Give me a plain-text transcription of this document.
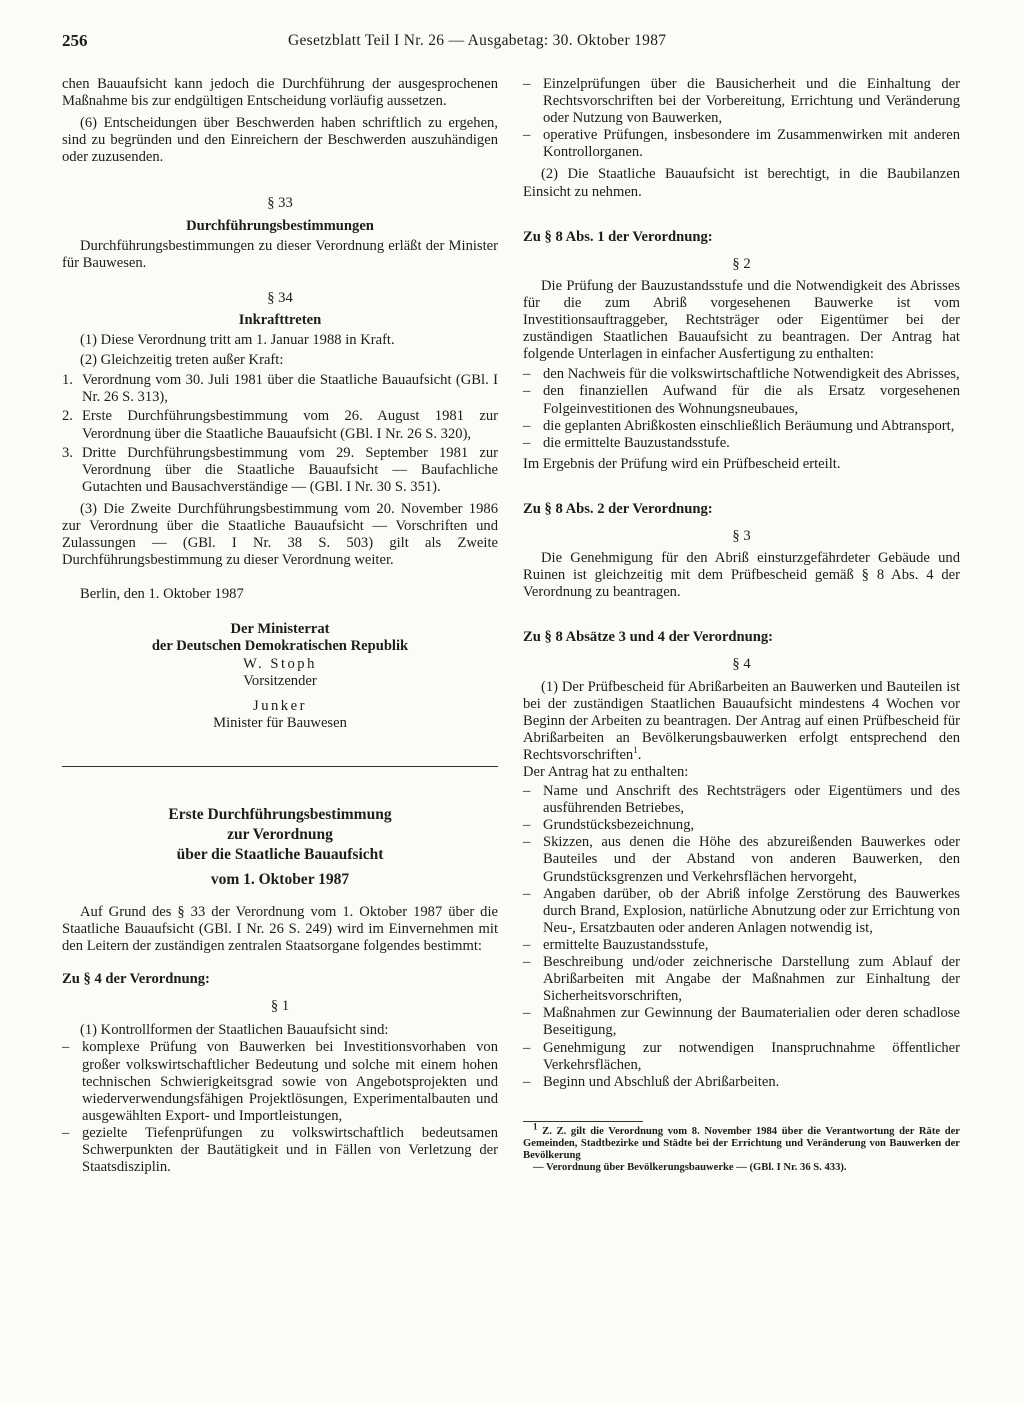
256	Gesetzblatt Teil I Nr. 26 — Ausgabetag: 30. Oktober 1987

chen Bauaufsicht kann jedoch die Durchführung der ausgesprochenen Maßnahme bis zur endgültigen Entscheidung vorläufig aussetzen.

(6) Entscheidungen über Beschwerden haben schriftlich zu ergehen, sind zu begründen und den Einreichern der Beschwerden auszuhändigen oder zuzusenden.

§ 33

Durchführungsbestimmungen

Durchführungsbestimmungen zu dieser Verordnung erläßt der Minister für Bauwesen.

§ 34

Inkrafttreten

(1) Diese Verordnung tritt am 1. Januar 1988 in Kraft.

(2) Gleichzeitig treten außer Kraft:

1. Verordnung vom 30. Juli 1981 über die Staatliche Bauaufsicht (GBl. I Nr. 26 S. 313),
2. Erste Durchführungsbestimmung vom 26. August 1981 zur Verordnung über die Staatliche Bauaufsicht (GBl. I Nr. 26 S. 320),
3. Dritte Durchführungsbestimmung vom 29. September 1981 zur Verordnung über die Staatliche Bauaufsicht — Baufachliche Gutachten und Bausachverständige — (GBl. I Nr. 30 S. 351).

(3) Die Zweite Durchführungsbestimmung vom 20. November 1986 zur Verordnung über die Staatliche Bauaufsicht — Vorschriften und Zulassungen — (GBl. I Nr. 38 S. 503) gilt als Zweite Durchführungsbestimmung zu dieser Verordnung weiter.

Berlin, den 1. Oktober 1987

Der Ministerrat

der Deutschen Demokratischen Republik

W. Stoph

Vorsitzender

Junker

Minister für Bauwesen

Erste Durchführungsbestimmung

zur Verordnung

über die Staatliche Bauaufsicht

vom 1. Oktober 1987

Auf Grund des § 33 der Verordnung vom 1. Oktober 1987 über die Staatliche Bauaufsicht (GBl. I Nr. 26 S. 249) wird im Einvernehmen mit den Leitern der zuständigen zentralen Staatsorgane folgendes bestimmt:

Zu § 4 der Verordnung:

§ 1

(1) Kontrollformen der Staatlichen Bauaufsicht sind:

– komplexe Prüfung von Bauwerken bei Investitionsvorhaben von großer volkswirtschaftlicher Bedeutung und solche mit einem hohen technischen Schwierigkeitsgrad sowie von Angebotsprojekten und wiederverwendungsfähigen Projektlösungen, Experimentalbauten und ausgewählten Export- und Importleistungen,
– gezielte Tiefenprüfungen zu volkswirtschaftlich bedeutsamen Schwerpunkten der Bautätigkeit und in Fällen von Verletzung der Staatsdisziplin.
– Einzelprüfungen über die Bausicherheit und die Einhaltung der Rechtsvorschriften bei der Vorbereitung, Errichtung und Veränderung oder Nutzung von Bauwerken,
– operative Prüfungen, insbesondere im Zusammenwirken mit anderen Kontrollorganen.

(2) Die Staatliche Bauaufsicht ist berechtigt, in die Baubilanzen Einsicht zu nehmen.

Zu § 8 Abs. 1 der Verordnung:

§ 2

Die Prüfung der Bauzustandsstufe und die Notwendigkeit des Abrisses für die zum Abriß vorgesehenen Bauwerke ist vom Investitionsauftraggeber, Rechtsträger oder Eigentümer bei der zuständigen Staatlichen Bauaufsicht zu beantragen. Der Antrag hat folgende Unterlagen in einfacher Ausfertigung zu enthalten:

– den Nachweis für die volkswirtschaftliche Notwendigkeit des Abrisses,
– den finanziellen Aufwand für die als Ersatz vorgesehenen Folgeinvestitionen des Wohnungsneubaues,
– die geplanten Abrißkosten einschließlich Beräumung und Abtransport,
– die ermittelte Bauzustandsstufe.

Im Ergebnis der Prüfung wird ein Prüfbescheid erteilt.

Zu § 8 Abs. 2 der Verordnung:

§ 3

Die Genehmigung für den Abriß einsturzgefährdeter Gebäude und Ruinen ist gleichzeitig mit dem Prüfbescheid gemäß § 8 Abs. 4 der Verordnung zu beantragen.

Zu § 8 Absätze 3 und 4 der Verordnung:

§ 4

(1) Der Prüfbescheid für Abrißarbeiten an Bauwerken und Bauteilen ist bei der zuständigen Staatlichen Bauaufsicht mindestens 4 Wochen vor Beginn der Arbeiten zu beantragen. Der Antrag auf einen Prüfbescheid für Abrißarbeiten an Bevölkerungsbauwerken erfolgt entsprechend den Rechtsvorschriften$^1$.

Der Antrag hat zu enthalten:

– Name und Anschrift des Rechtsträgers oder Eigentümers und des ausführenden Betriebes,
– Grundstücksbezeichnung,
– Skizzen, aus denen die Höhe des abzureißenden Bauwerkes oder Bauteiles und der Abstand von anderen Bauwerken, den Grundstücksgrenzen und Verkehrsflächen hervorgeht,
– Angaben darüber, ob der Abriß infolge Zerstörung des Bauwerkes durch Brand, Explosion, natürliche Abnutzung oder zur Errichtung von Neu-, Ersatzbauten oder anderen Anlagen notwendig ist,
– ermittelte Bauzustandsstufe,
– Beschreibung und/oder zeichnerische Darstellung zum Ablauf der Abrißarbeiten mit Angabe der Maßnahmen zur Einhaltung der Sicherheitsvorschriften,
– Maßnahmen zur Gewinnung der Baumaterialien oder deren schadlose Beseitigung,
– Genehmigung zur notwendigen Inanspruchnahme öffentlicher Verkehrsflächen,
– Beginn und Abschluß der Abrißarbeiten.

$^1$ Z. Z. gilt die Verordnung vom 8. November 1984 über die Verantwortung der Räte der Gemeinden, Stadtbezirke und Städte bei der Errichtung und Veränderung von Bauwerken der Bevölkerung

— Verordnung über Bevölkerungsbauwerke — (GBl. I Nr. 36 S. 433).
